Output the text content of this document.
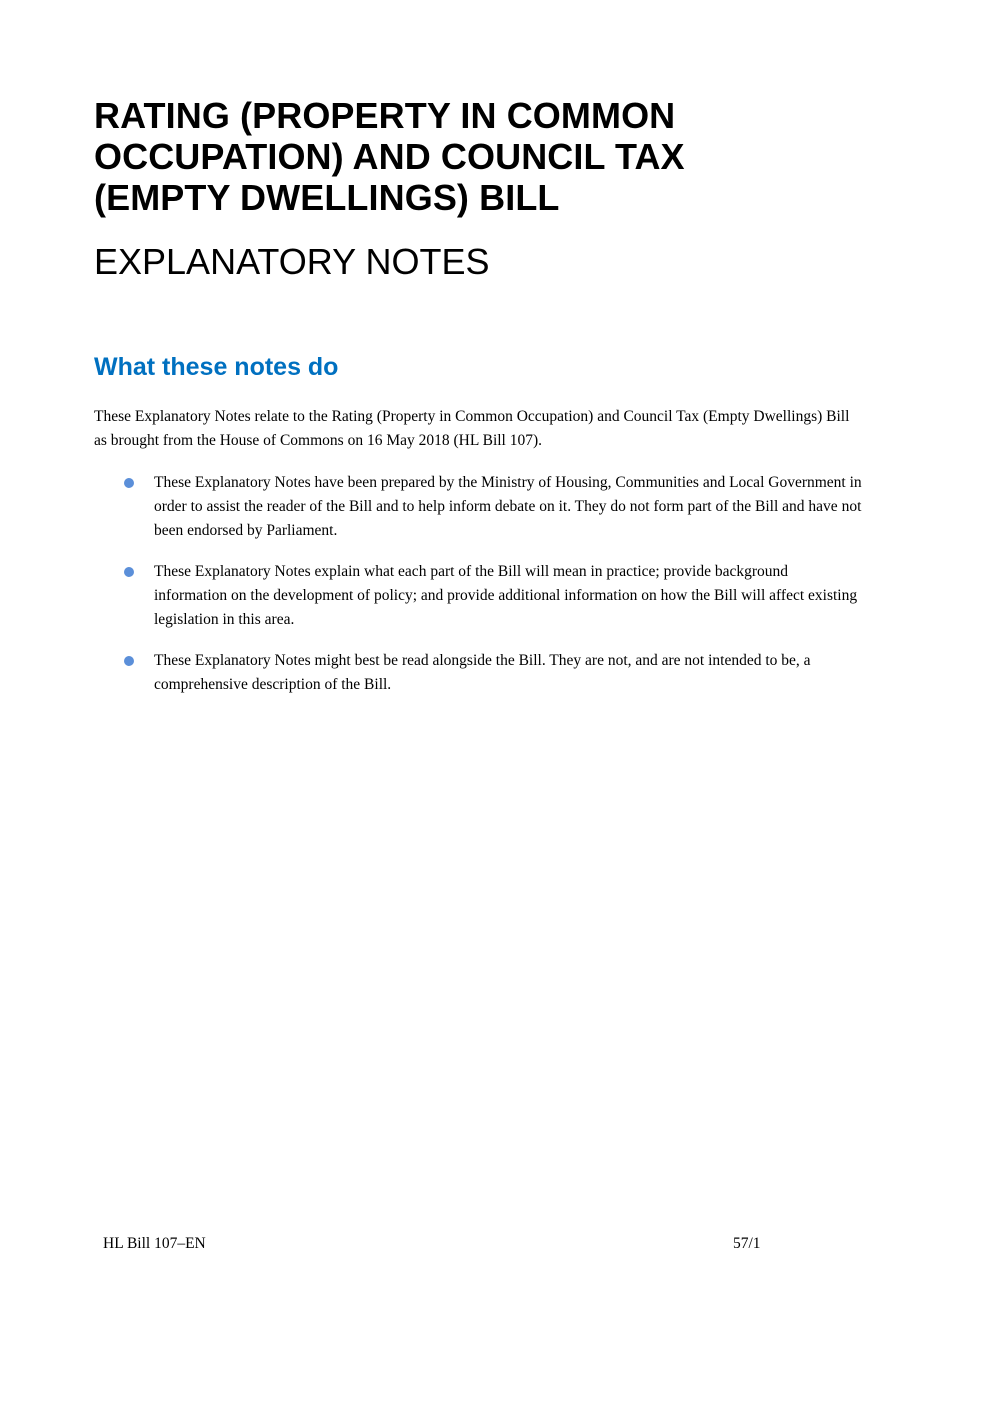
RATING (PROPERTY IN COMMON
OCCUPATION) AND COUNCIL TAX
(EMPTY DWELLINGS) BILL
EXPLANATORY NOTES
What these notes do

These Explanatory Notes relate to the Rating (Property in Common Occupation) and Council Tax (Empty Dwellings) Bill as brought from the House of Commons on 16 May 2018 (HL Bill 107).

These Explanatory Notes have been prepared by the Ministry of Housing, Communities and Local Government in order to assist the reader of the Bill and to help inform debate on it. They do not form part of the Bill and have not been endorsed by Parliament.
These Explanatory Notes explain what each part of the Bill will mean in practice; provide background information on the development of policy; and provide additional information on how the Bill will affect existing legislation in this area.
These Explanatory Notes might best be read alongside the Bill. They are not, and are not intended to be, a comprehensive description of the Bill.
HL Bill 107–EN	57/1
